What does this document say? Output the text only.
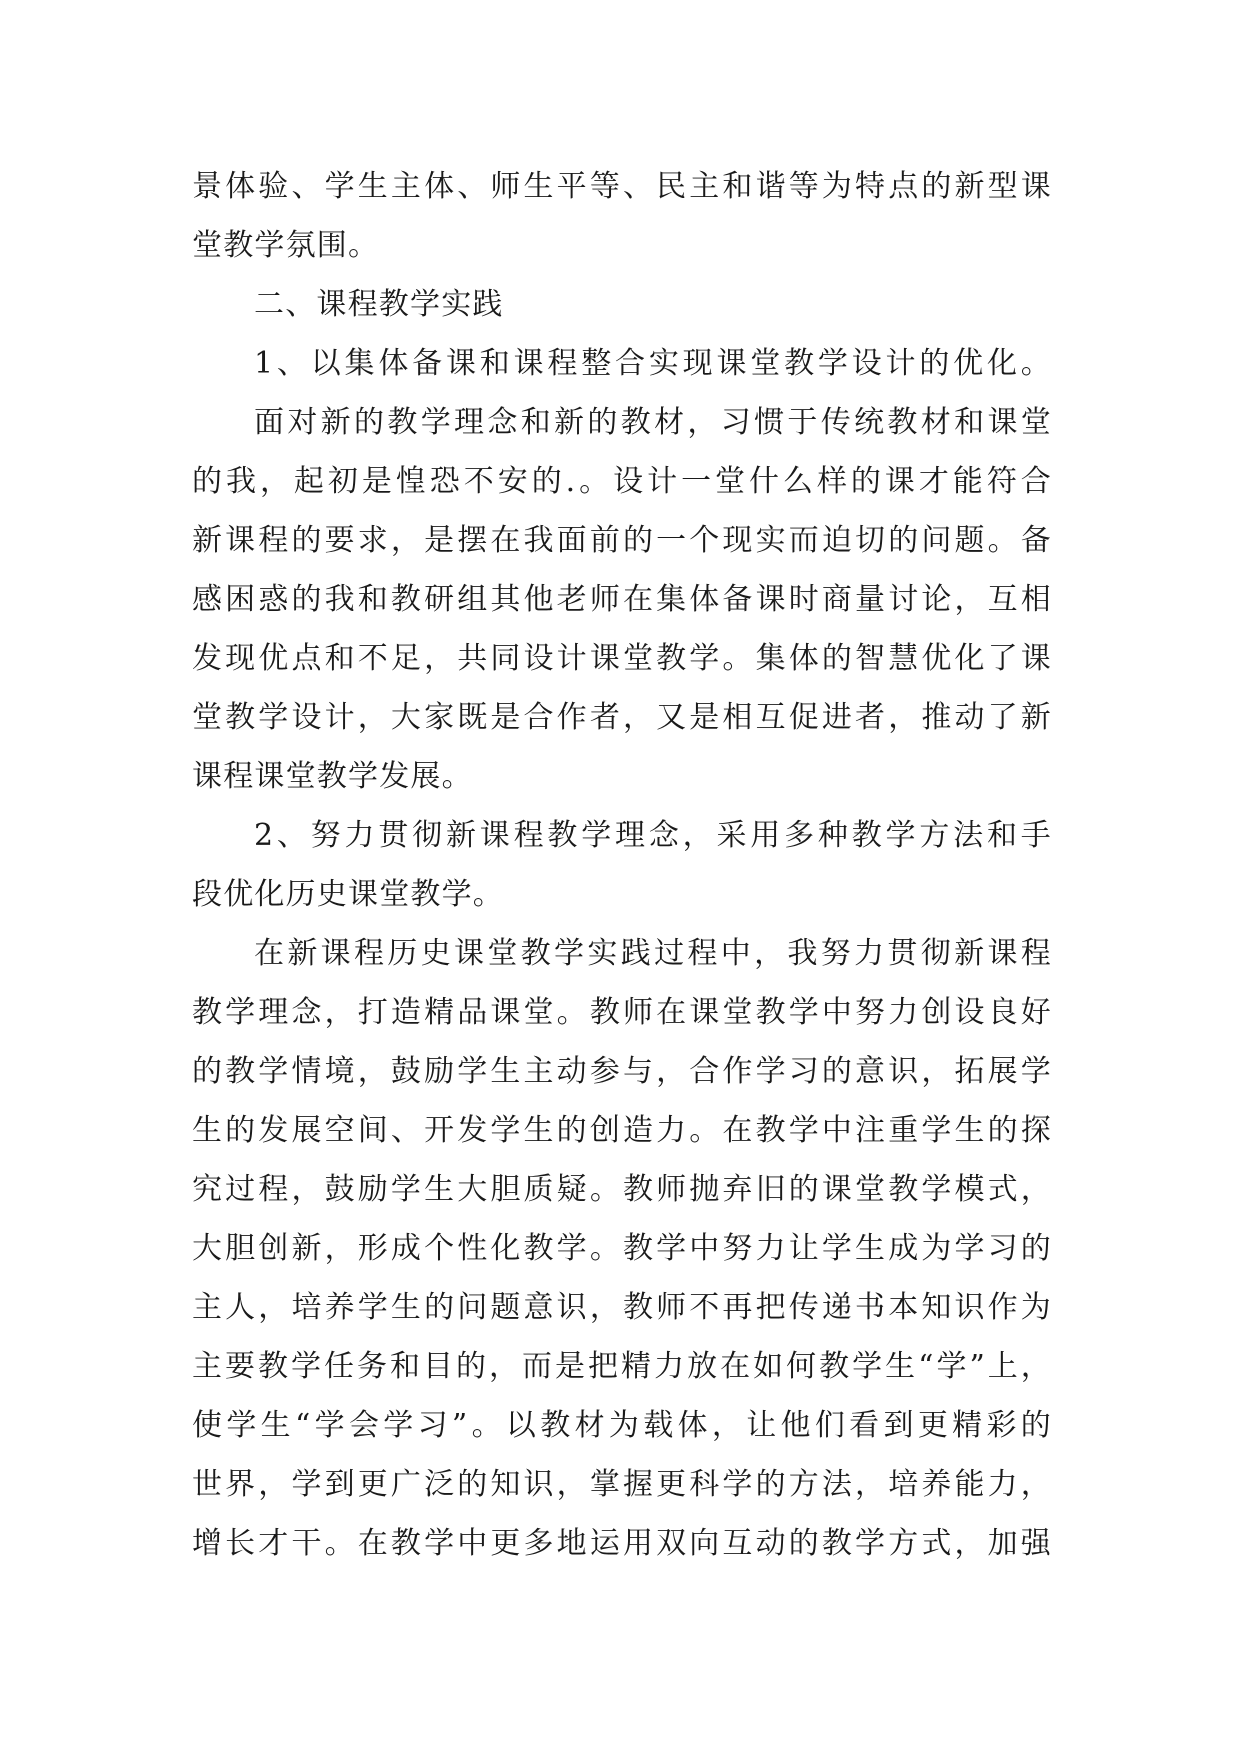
景体验、学生主体、师生平等、民主和谐等为特点的新型课
堂教学氛围。
二、课程教学实践
1、以集体备课和课程整合实现课堂教学设计的优化。
面对新的教学理念和新的教材，习惯于传统教材和课堂
的我，起初是惶恐不安的.。设计一堂什么样的课才能符合
新课程的要求，是摆在我面前的一个现实而迫切的问题。备
感困惑的我和教研组其他老师在集体备课时商量讨论，互相
发现优点和不足，共同设计课堂教学。集体的智慧优化了课
堂教学设计，大家既是合作者，又是相互促进者，推动了新
课程课堂教学发展。
2、努力贯彻新课程教学理念，采用多种教学方法和手
段优化历史课堂教学。
在新课程历史课堂教学实践过程中，我努力贯彻新课程
教学理念，打造精品课堂。教师在课堂教学中努力创设良好
的教学情境，鼓励学生主动参与，合作学习的意识，拓展学
生的发展空间、开发学生的创造力。在教学中注重学生的探
究过程，鼓励学生大胆质疑。教师抛弃旧的课堂教学模式，
大胆创新，形成个性化教学。教学中努力让学生成为学习的
主人，培养学生的问题意识，教师不再把传递书本知识作为
主要教学任务和目的，而是把精力放在如何教学生“学”上，
使学生“学会学习”。以教材为载体，让他们看到更精彩的
世界，学到更广泛的知识，掌握更科学的方法，培养能力，
增长才干。在教学中更多地运用双向互动的教学方式，加强
